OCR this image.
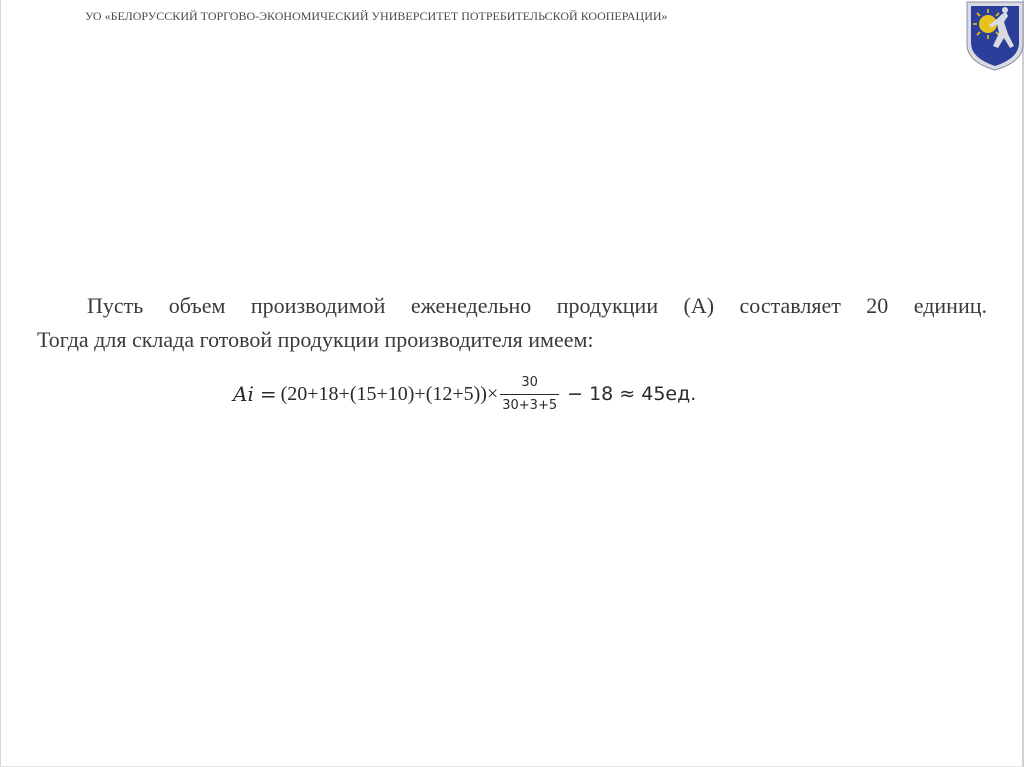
УО «БЕЛОРУССКИЙ ТОРГОВО-ЭКОНОМИЧЕСКИЙ УНИВЕРСИТЕТ ПОТРЕБИТЕЛЬСКОЙ КООПЕРАЦИИ»
Пусть объем производимой еженедельно продукции (А) составляет 20 единиц.
Тогда для склада готовой продукции производителя имеем:
$Ai = (20+18+(15+10)+(12+5))\times \frac{30}{30+3+5} - 18 \approx 45ед$.
